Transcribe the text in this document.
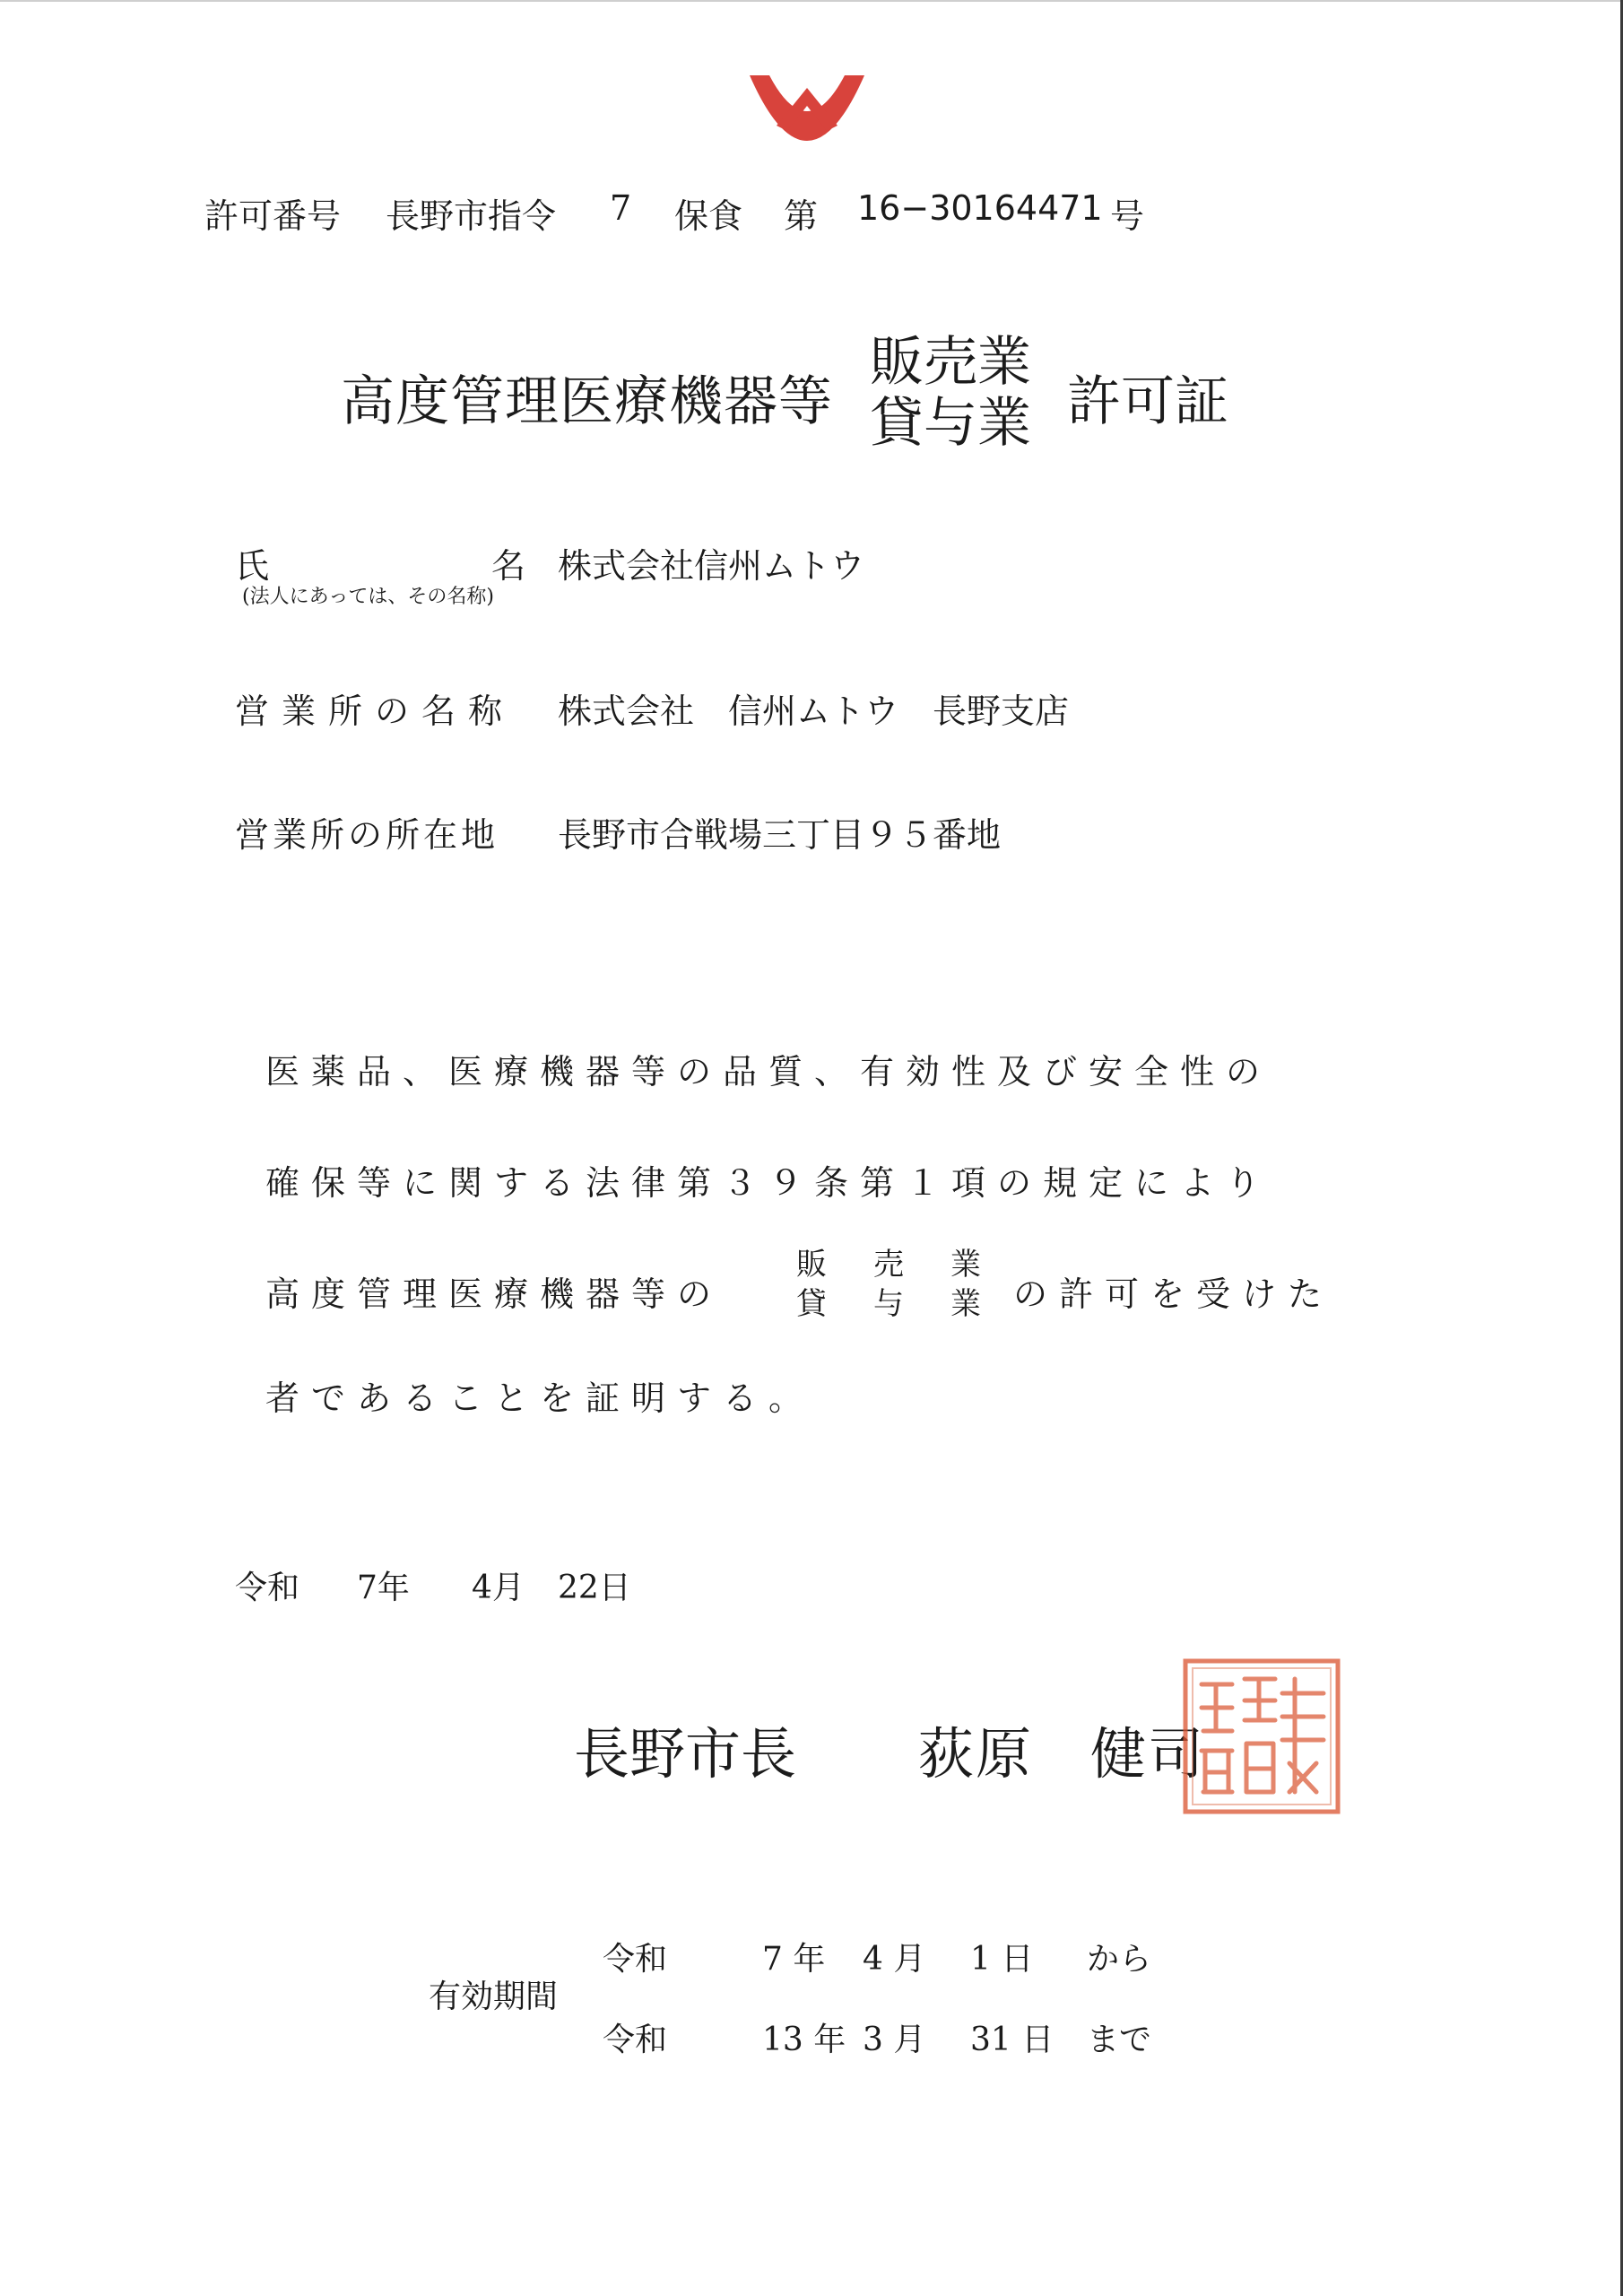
許可番号 長野市指令 7 保食 第 16−30164471 号
高度管理医療機器等
販売業
貸与業 許可証
氏	名
(法人にあっては、その名称)
株式会社信州ムトウ
営業所の名称 株式会社　信州ムトウ　長野支店
営業所の所在地 長野市合戦場三丁目９５番地
医薬品、医療機器等の品質、有効性及び安全性の
確保等に関する法律第３９条第１項の規定により
高度管理医療機器等の
販売業
貸与業
の許可を受けた
者であることを証明する。
令和 7年 4月 22日
長野市長 荻原　健司
有効期間
令和	7 年 4 月 1 日 から
令和	13 年 3 月 31 日 まで
